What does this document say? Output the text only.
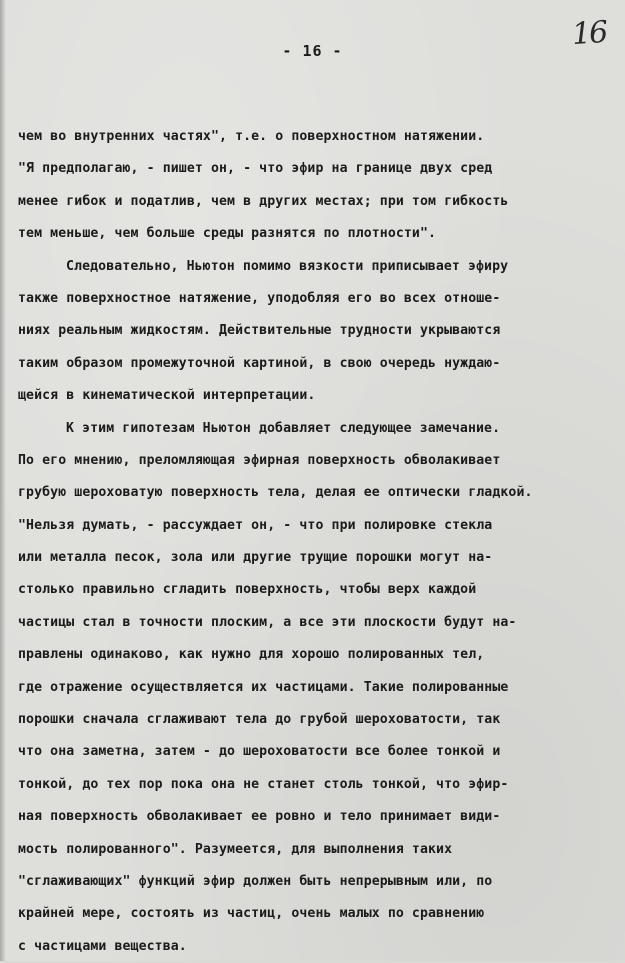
16
- 16 -
чем во внутренних частях", т.е. о поверхностном натяжении.
"Я предполагаю, - пишет он, - что эфир на границе двух сред
менее гибок и податлив, чем в других местах; при том гибкость
тем меньше, чем больше среды разнятся по плотности".
Следовательно, Ньютон помимо вязкости приписывает эфиру
также поверхностное натяжение, уподобляя его во всех отноше-
ниях реальным жидкостям. Действительные трудности укрываются
таким образом промежуточной картиной, в свою очередь нуждаю-
щейся в кинематической интерпретации.
К этим гипотезам Ньютон добавляет следующее замечание.
По его мнению, преломляющая эфирная поверхность обволакивает
грубую шероховатую поверхность тела, делая ее оптически гладкой.
"Нельзя думать, - рассуждает он, - что при полировке стекла
или металла песок, зола или другие трущие порошки могут на-
столько правильно сгладить поверхность, чтобы верх каждой
частицы стал в точности плоским, а все эти плоскости будут на-
правлены одинаково, как нужно для хорошо полированных тел,
где отражение осуществляется их частицами. Такие полированные
порошки сначала сглаживают тела до грубой шероховатости, так
что она заметна, затем - до шероховатости все более тонкой и
тонкой, до тех пор пока она не станет столь тонкой, что эфир-
ная поверхность обволакивает ее ровно и тело принимает види-
мость полированного". Разумеется, для выполнения таких
"сглаживающих" функций эфир должен быть непрерывным или, по
крайней мере, состоять из частиц, очень малых по сравнению
с частицами вещества.
